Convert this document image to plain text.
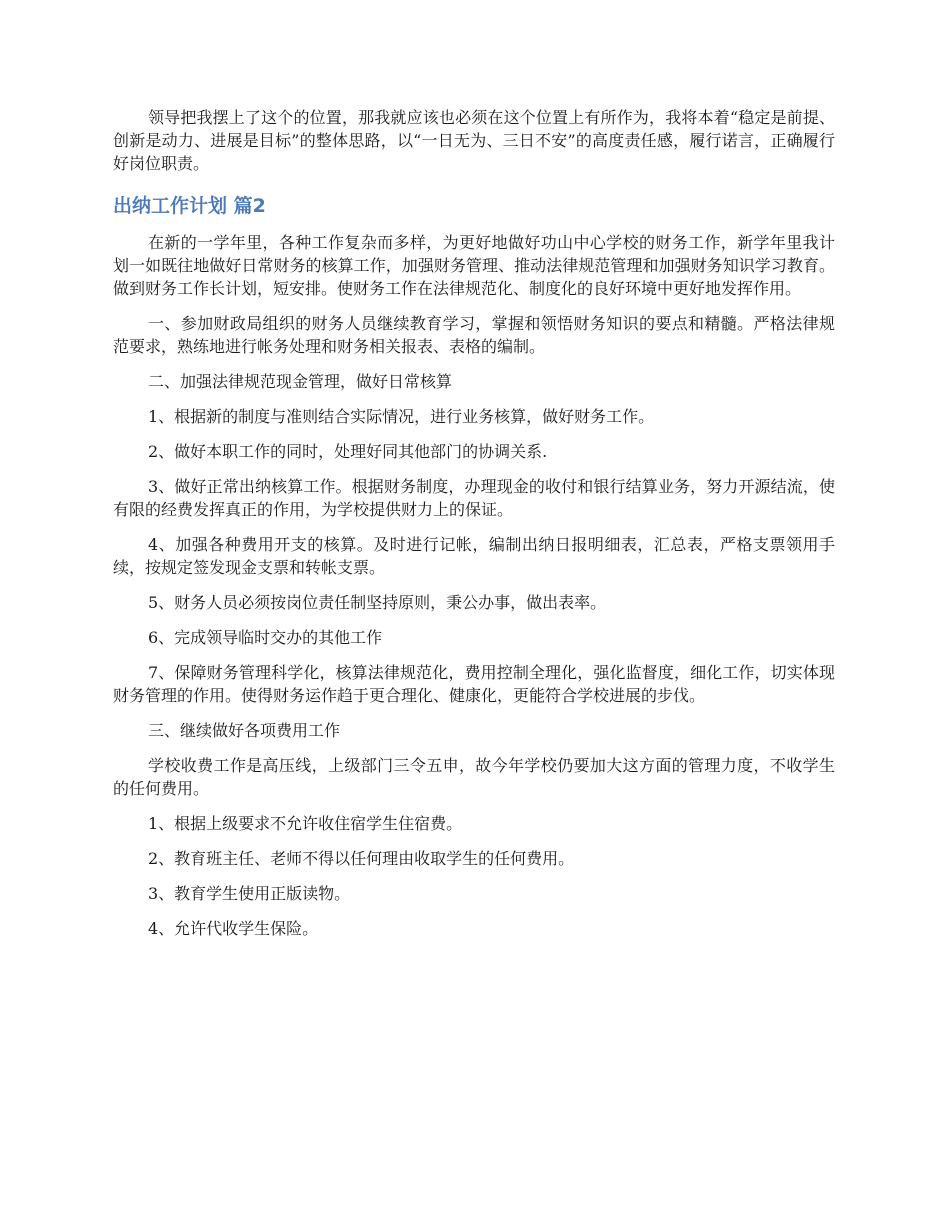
领导把我摆上了这个的位置，那我就应该也必须在这个位置上有所作为，我将本着“稳定是前提、创新是动力、进展是目标”的整体思路，以“一日无为、三日不安”的高度责任感，履行诺言，正确履行好岗位职责。

出纳工作计划 篇2

在新的一学年里，各种工作复杂而多样，为更好地做好功山中心学校的财务工作，新学年里我计划一如既往地做好日常财务的核算工作，加强财务管理、推动法律规范管理和加强财务知识学习教育。做到财务工作长计划，短安排。使财务工作在法律规范化、制度化的良好环境中更好地发挥作用。

一、参加财政局组织的财务人员继续教育学习，掌握和领悟财务知识的要点和精髓。严格法律规范要求，熟练地进行帐务处理和财务相关报表、表格的编制。

二、加强法律规范现金管理，做好日常核算

1、根据新的制度与准则结合实际情况，进行业务核算，做好财务工作。

2、做好本职工作的同时，处理好同其他部门的协调关系.

3、做好正常出纳核算工作。根据财务制度，办理现金的收付和银行结算业务，努力开源结流，使有限的经费发挥真正的作用，为学校提供财力上的保证。

4、加强各种费用开支的核算。及时进行记帐，编制出纳日报明细表，汇总表，严格支票领用手续，按规定签发现金支票和转帐支票。

5、财务人员必须按岗位责任制坚持原则，秉公办事，做出表率。

6、完成领导临时交办的其他工作

7、保障财务管理科学化，核算法律规范化，费用控制全理化，强化监督度，细化工作，切实体现财务管理的作用。使得财务运作趋于更合理化、健康化，更能符合学校进展的步伐。

三、继续做好各项费用工作

学校收费工作是高压线，上级部门三令五申，故今年学校仍要加大这方面的管理力度，不收学生的任何费用。

1、根据上级要求不允许收住宿学生住宿费。

2、教育班主任、老师不得以任何理由收取学生的任何费用。

3、教育学生使用正版读物。

4、允许代收学生保险。
